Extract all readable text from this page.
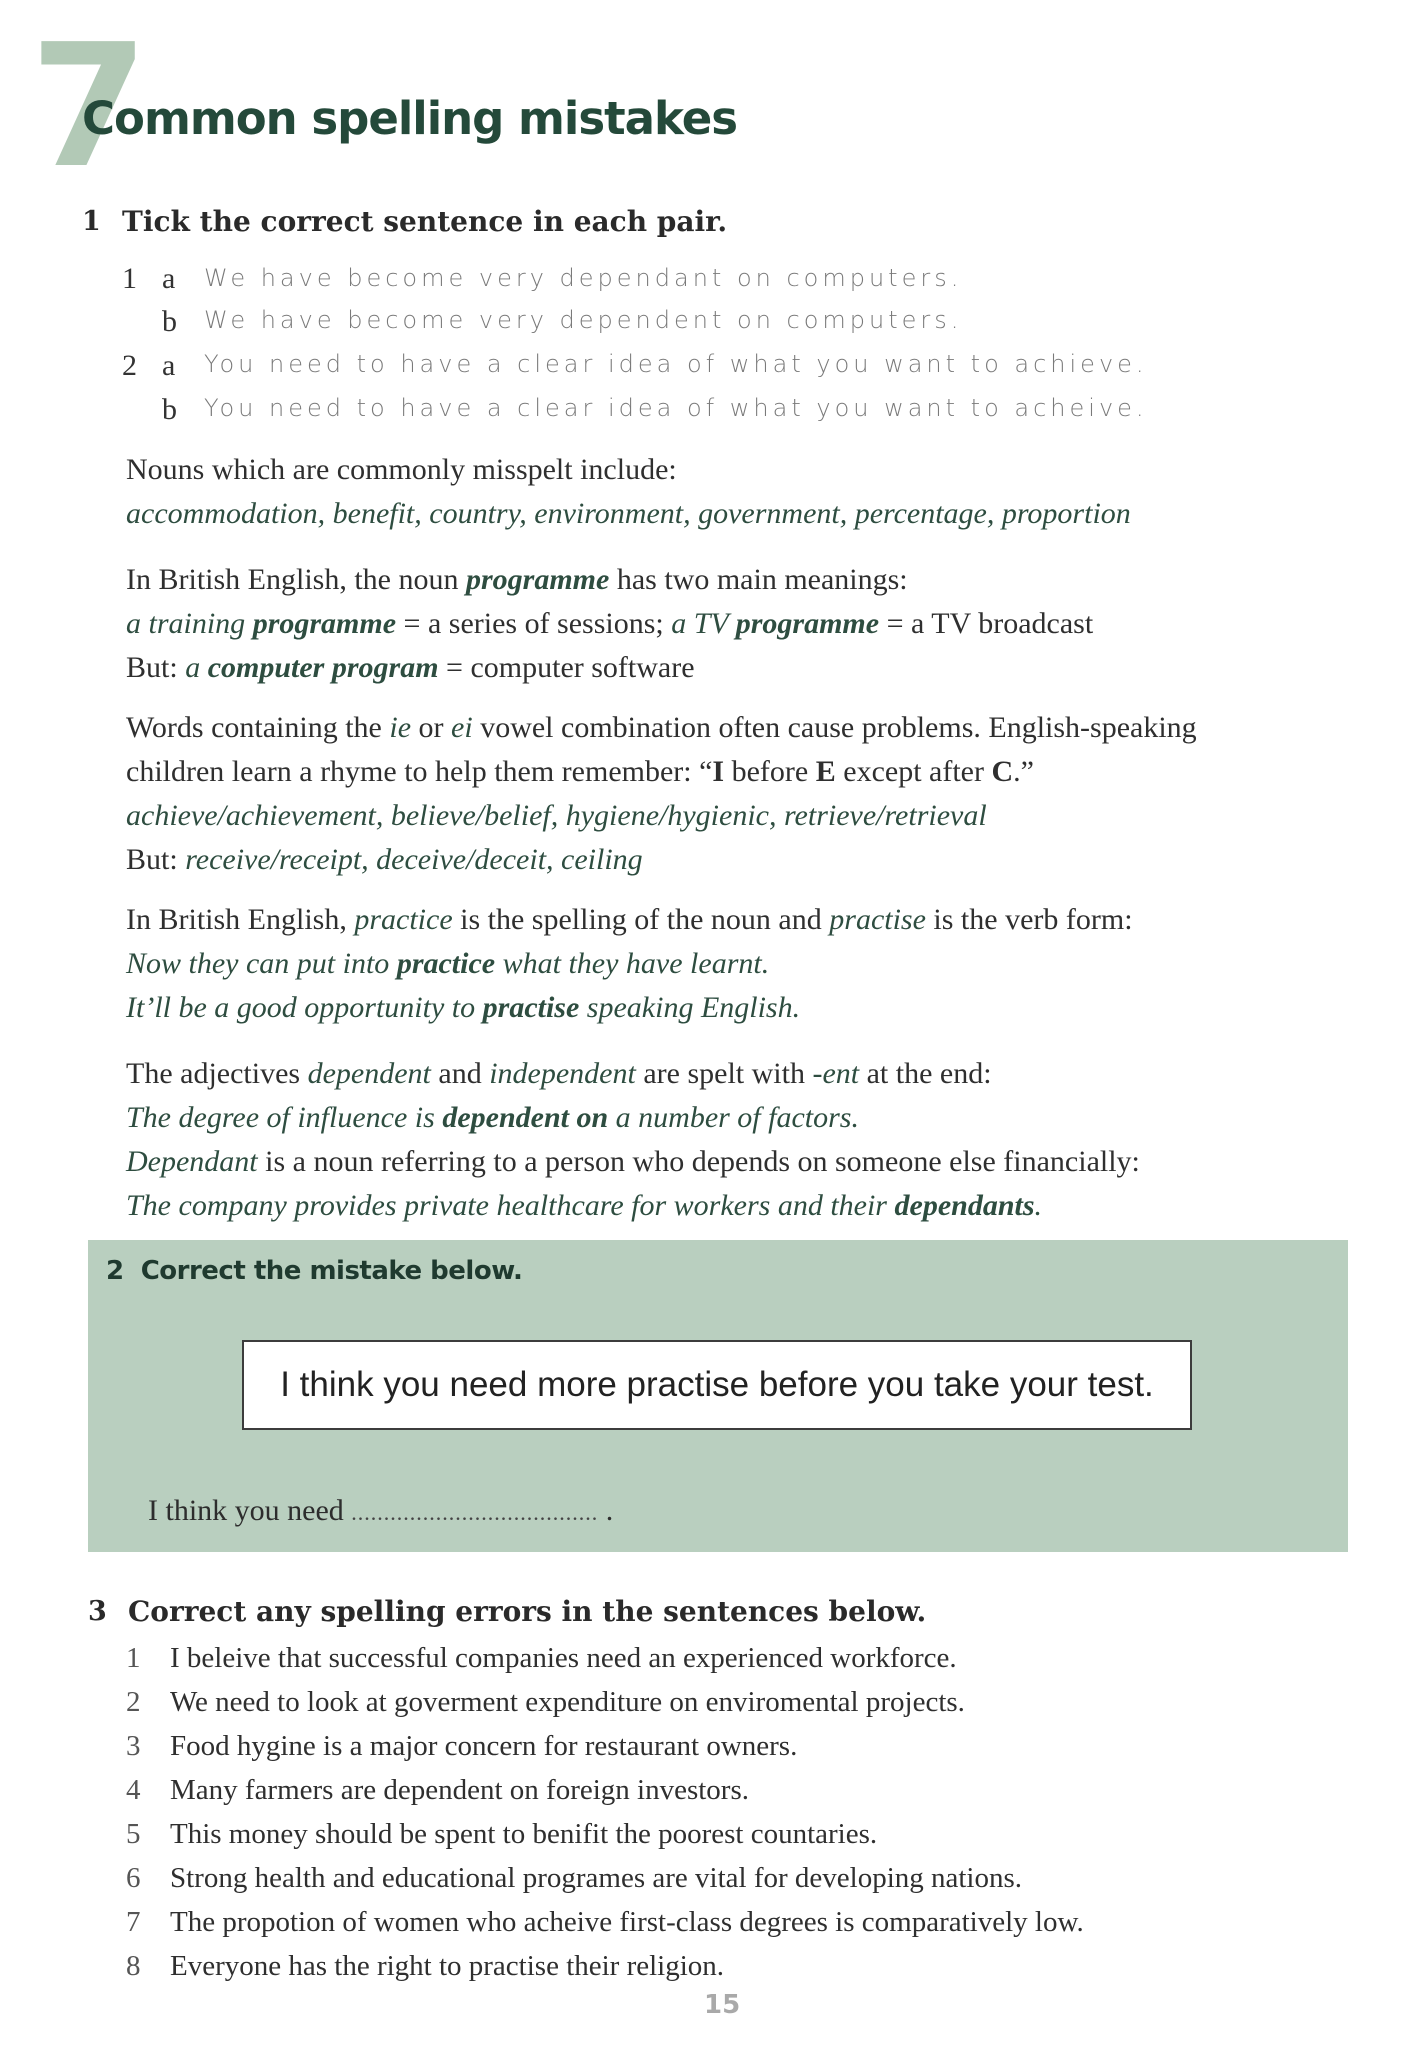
7
Common spelling mistakes
1 Tick the correct sentence in each pair.
1 a We have become very dependant on computers.
b We have become very dependent on computers.
2 a You need to have a clear idea of what you want to achieve.
b You need to have a clear idea of what you want to acheive.

Nouns which are commonly misspelt include:

accommodation, benefit, country, environment, government, percentage, proportion

In British English, the noun programme has two main meanings:

a training programme = a series of sessions; a TV programme = a TV broadcast

But: a computer program = computer software

Words containing the ie or ei vowel combination often cause problems. English-speaking

children learn a rhyme to help them remember: “I before E except after C.”

achieve/achievement, believe/belief, hygiene/hygienic, retrieve/retrieval

But: receive/receipt, deceive/deceit, ceiling

In British English, practice is the spelling of the noun and practise is the verb form:

Now they can put into practice what they have learnt.

It’ll be a good opportunity to practise speaking English.

The adjectives dependent and independent are spelt with -ent at the end:

The degree of influence is dependent on a number of factors.

Dependant is a noun referring to a person who depends on someone else financially:

The company provides private healthcare for workers and their dependants.

2 Correct the mistake below.
I think you need more practise before you take your test.
I think you need ...................................... .
3 Correct any spelling errors in the sentences below.
1 I beleive that successful companies need an experienced workforce.
2 We need to look at goverment expenditure on enviromental projects.
3 Food hygine is a major concern for restaurant owners.
4 Many farmers are dependent on foreign investors.
5 This money should be spent to benifit the poorest countaries.
6 Strong health and educational programes are vital for developing nations.
7 The propotion of women who acheive first-class degrees is comparatively low.
8 Everyone has the right to practise their religion.
15
